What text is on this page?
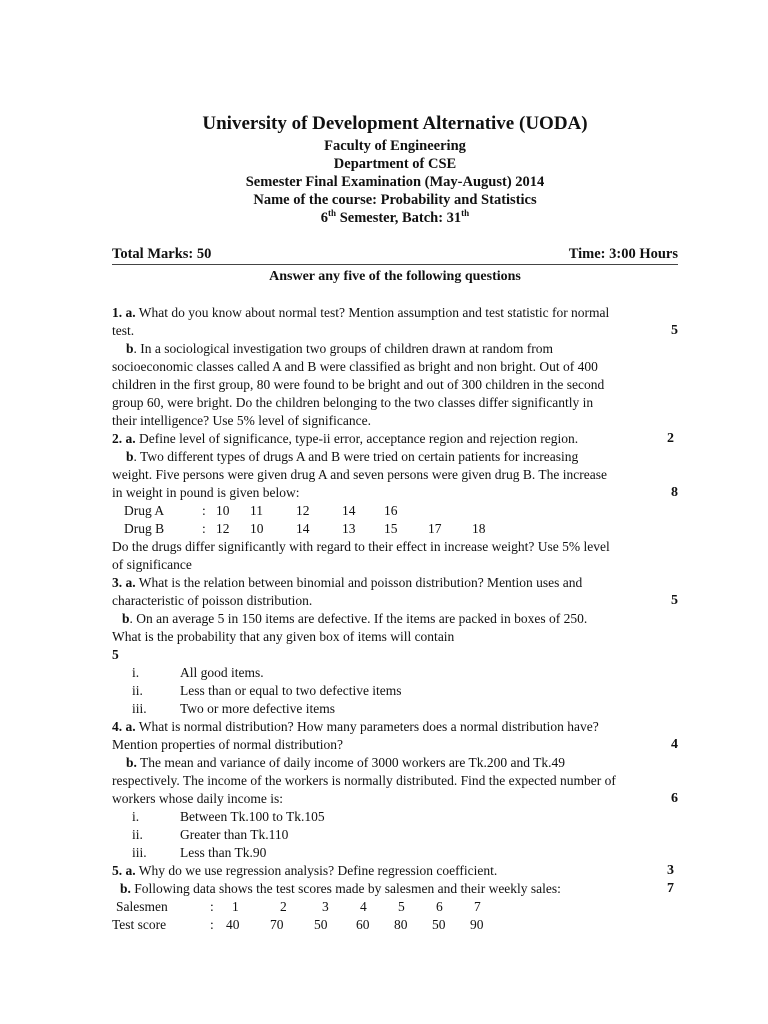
University of Development Alternative (UODA)
Faculty of Engineering
Department of CSE
Semester Final Examination (May-August) 2014
Name of the course: Probability and Statistics
6th Semester, Batch: 31th
Total Marks: 50	Time: 3:00 Hours
Answer any five of the following questions
1. a. What do you know about normal test? Mention assumption and test statistic for normal
test.	5
b. In a sociological investigation two groups of children drawn at random from
socioeconomic classes called A and B were classified as bright and non bright. Out of 400
children in the first group, 80 were found to be bright and out of 300 children in the second
group 60, were bright. Do the children belonging to the two classes differ significantly in
their intelligence? Use 5% level of significance.
2. a. Define level of significance, type-ii error, acceptance region and rejection region.	2
b. Two different types of drugs A and B were tried on certain patients for increasing
weight. Five persons were given drug A and seven persons were given drug B. The increase
in weight in pound is given below:	8
Drug A	: 10	11	12	14	16
Drug B	: 12	10	14	13	15	17	18
Do the drugs differ significantly with regard to their effect in increase weight? Use 5% level
of significance
3. a. What is the relation between binomial and poisson distribution? Mention uses and
characteristic of poisson distribution.	5
b. On an average 5 in 150 items are defective. If the items are packed in boxes of 250.
What is the probability that any given box of items will contain
5
i.	All good items.
ii.	Less than or equal to two defective items
iii.	Two or more defective items
4. a. What is normal distribution? How many parameters does a normal distribution have?
Mention properties of normal distribution?	4
b. The mean and variance of daily income of 3000 workers are Tk.200 and Tk.49
respectively. The income of the workers is normally distributed. Find the expected number of
workers whose daily income is:	6
i.	Between Tk.100 to Tk.105
ii.	Greater than Tk.110
iii.	Less than Tk.90
5. a. Why do we use regression analysis? Define regression coefficient.	3
b. Following data shows the test scores made by salesmen and their weekly sales:	7
Salesmen	:	1	2	3	4	5	6	7
Test score	: 40	70	50	60	80	50	90
